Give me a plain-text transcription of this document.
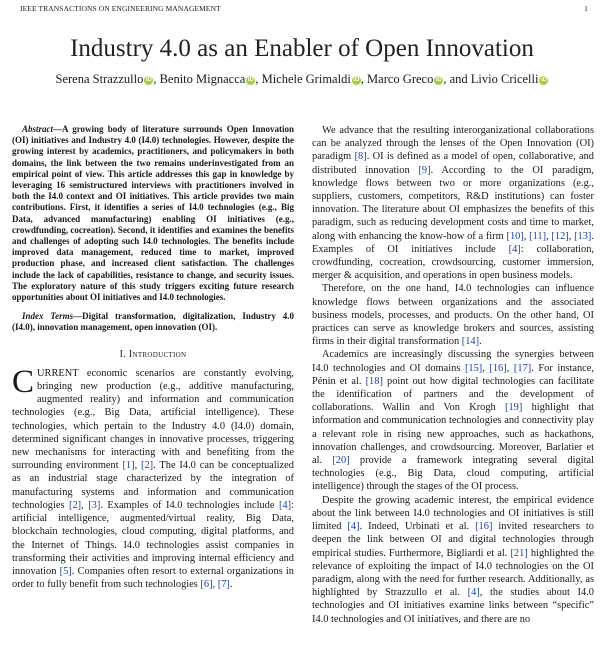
IEEE TRANSACTIONS ON ENGINEERING MANAGEMENT	1
Industry 4.0 as an Enabler of Open Innovation
Serena Strazzullo iD , Benito Mignacca iD , Michele Grimaldi iD , Marco Greco iD , and Livio Cricelli iD

Abstract—A growing body of literature surrounds Open Innovation (OI) initiatives and Industry 4.0 (I4.0) technologies. However, despite the growing interest by academics, practitioners, and policymakers in both domains, the link between the two remains underinvestigated from an empirical point of view. This article addresses this gap in knowledge by leveraging 16 semistructured interviews with practitioners involved in both the I4.0 context and OI initiatives. This article provides two main contributions. First, it identifies a series of I4.0 technologies (e.g., Big Data, advanced manufacturing) enabling OI initiatives (e.g., crowdfunding, cocreation). Second, it identifies and examines the benefits and challenges of adopting such I4.0 technologies. The benefits include improved data management, reduced time to market, improved production phase, and increased client satisfaction. The challenges include the lack of capabilities, resistance to change, and security issues. The exploratory nature of this study triggers exciting future research opportunities about OI initiatives and I4.0 technologies.

Index Terms—Digital transformation, digitalization, Industry 4.0 (I4.0), innovation management, open innovation (OI).

I. Introduction

CURRENT economic scenarios are constantly evolving, bringing new production (e.g., additive manufacturing, augmented reality) and information and communication technologies (e.g., Big Data, artificial intelligence). These technologies, which pertain to the Industry 4.0 (I4.0) domain, determined significant changes in innovative processes, triggering new mechanisms for interacting with and benefiting from the surrounding environment [1], [2]. The I4.0 can be conceptualized as an industrial stage characterized by the integration of manufacturing systems and information and communication technologies [2], [3]. Examples of I4.0 technologies include [4]: artificial intelligence, augmented/virtual reality, Big Data, blockchain technologies, cloud computing, digital platforms, and the Internet of Things. I4.0 technologies assist companies in transforming their activities and improving internal efficiency and innovation [5]. Companies often resort to external organizations in order to fully benefit from such technologies [6], [7].

We advance that the resulting interorganizational collaborations can be analyzed through the lenses of the Open Innovation (OI) paradigm [8]. OI is defined as a model of open, collaborative, and distributed innovation [9]. According to the OI paradigm, knowledge flows between two or more organizations (e.g., suppliers, customers, competitors, R&D institutions) can foster innovation. The literature about OI emphasizes the benefits of this paradigm, such as reducing development costs and time to market, along with enhancing the know-how of a firm [10], [11], [12], [13]. Examples of OI initiatives include [4]: collaboration, crowdfunding, cocreation, crowdsourcing, customer immersion, merger & acquisition, and operations in open business models.

Therefore, on the one hand, I4.0 technologies can influence knowledge flows between organizations and the associated business models, processes, and products. On the other hand, OI practices can serve as knowledge brokers and sources, assisting firms in their digital transformation [14].

Academics are increasingly discussing the synergies between I4.0 technologies and OI domains [15], [16], [17]. For instance, Pénin et al. [18] point out how digital technologies can facilitate the identification of partners and the development of collaborations. Wallin and Von Krogh [19] highlight that information and communication technologies and connectivity play a relevant role in rising new approaches, such as hackathons, innovation challenges, and crowdsourcing. Moreover, Barlatier et al. [20] provide a framework integrating several digital technologies (e.g., Big Data, cloud computing, artificial intelligence) through the stages of the OI process.

Despite the growing academic interest, the empirical evidence about the link between I4.0 technologies and OI initiatives is still limited [4]. Indeed, Urbinati et al. [16] invited researchers to deepen the link between OI and digital technologies through empirical studies. Furthermore, Bigliardi et al. [21] highlighted the relevance of exploiting the impact of I4.0 technologies on the OI paradigm, along with the need for further research. Additionally, as highlighted by Strazzullo et al. [4], the studies about I4.0 technologies and OI initiatives examine links between “specific” I4.0 technologies and OI initiatives, and there are no
